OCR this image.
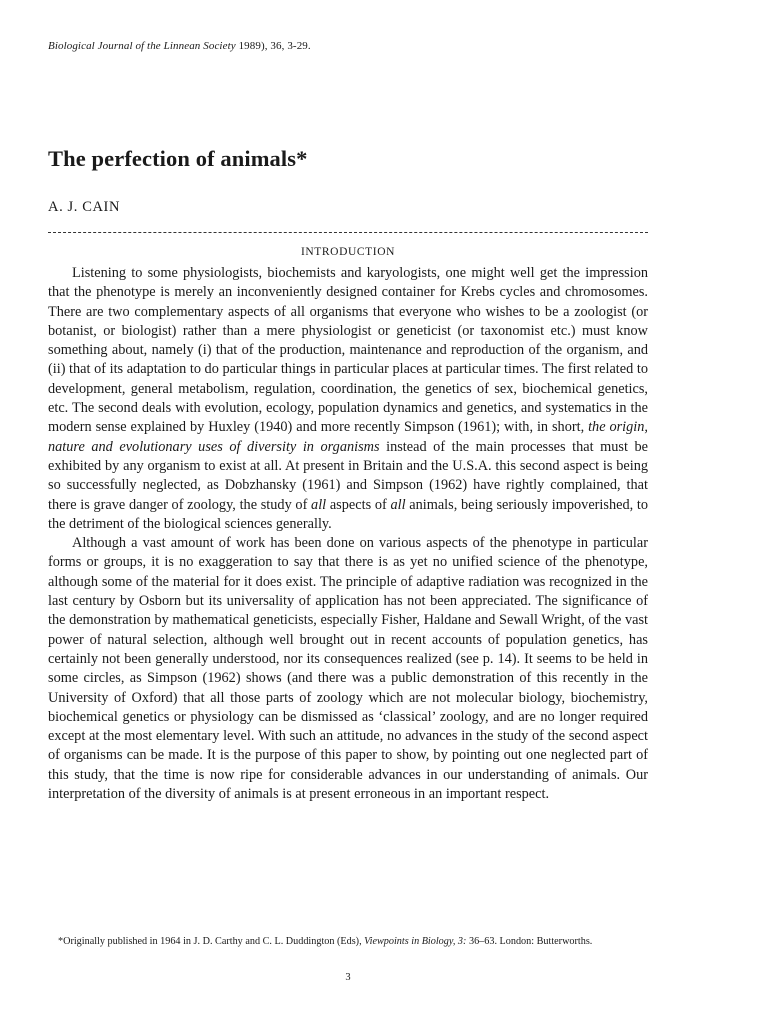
Biological Journal of the Linnean Society 1989), 36, 3-29.
The perfection of animals*
A. J. CAIN
INTRODUCTION

Listening to some physiologists, biochemists and karyologists, one might well get the impression that the phenotype is merely an inconveniently designed container for Krebs cycles and chromosomes. There are two complementary aspects of all organisms that everyone who wishes to be a zoologist (or botanist, or biologist) rather than a mere physiologist or geneticist (or taxonomist etc.) must know something about, namely (i) that of the production, maintenance and reproduction of the organism, and (ii) that of its adaptation to do particular things in particular places at particular times. The first related to development, general metabolism, regulation, coordination, the genetics of sex, biochemical genetics, etc. The second deals with evolution, ecology, population dynamics and genetics, and systematics in the modern sense explained by Huxley (1940) and more recently Simpson (1961); with, in short, the origin, nature and evolutionary uses of diversity in organisms instead of the main processes that must be exhibited by any organism to exist at all. At present in Britain and the U.S.A. this second aspect is being so successfully neglected, as Dobzhansky (1961) and Simpson (1962) have rightly complained, that there is grave danger of zoology, the study of all aspects of all animals, being seriously impoverished, to the detriment of the biological sciences generally.

Although a vast amount of work has been done on various aspects of the phenotype in particular forms or groups, it is no exaggeration to say that there is as yet no unified science of the phenotype, although some of the material for it does exist. The principle of adaptive radiation was recognized in the last century by Osborn but its universality of application has not been appreciated. The significance of the demonstration by mathematical geneticists, especially Fisher, Haldane and Sewall Wright, of the vast power of natural selection, although well brought out in recent accounts of population genetics, has certainly not been generally understood, nor its consequences realized (see p. 14). It seems to be held in some circles, as Simpson (1962) shows (and there was a public demonstration of this recently in the University of Oxford) that all those parts of zoology which are not molecular biology, biochemistry, biochemical genetics or physiology can be dismissed as ‘classical’ zoology, and are no longer required except at the most elementary level. With such an attitude, no advances in the study of the second aspect of organisms can be made. It is the purpose of this paper to show, by pointing out one neglected part of this study, that the time is now ripe for considerable advances in our understanding of animals. Our interpretation of the diversity of animals is at present erroneous in an important respect.

*Originally published in 1964 in J. D. Carthy and C. L. Duddington (Eds), Viewpoints in Biology, 3: 36–63. London: Butterworths.
3
